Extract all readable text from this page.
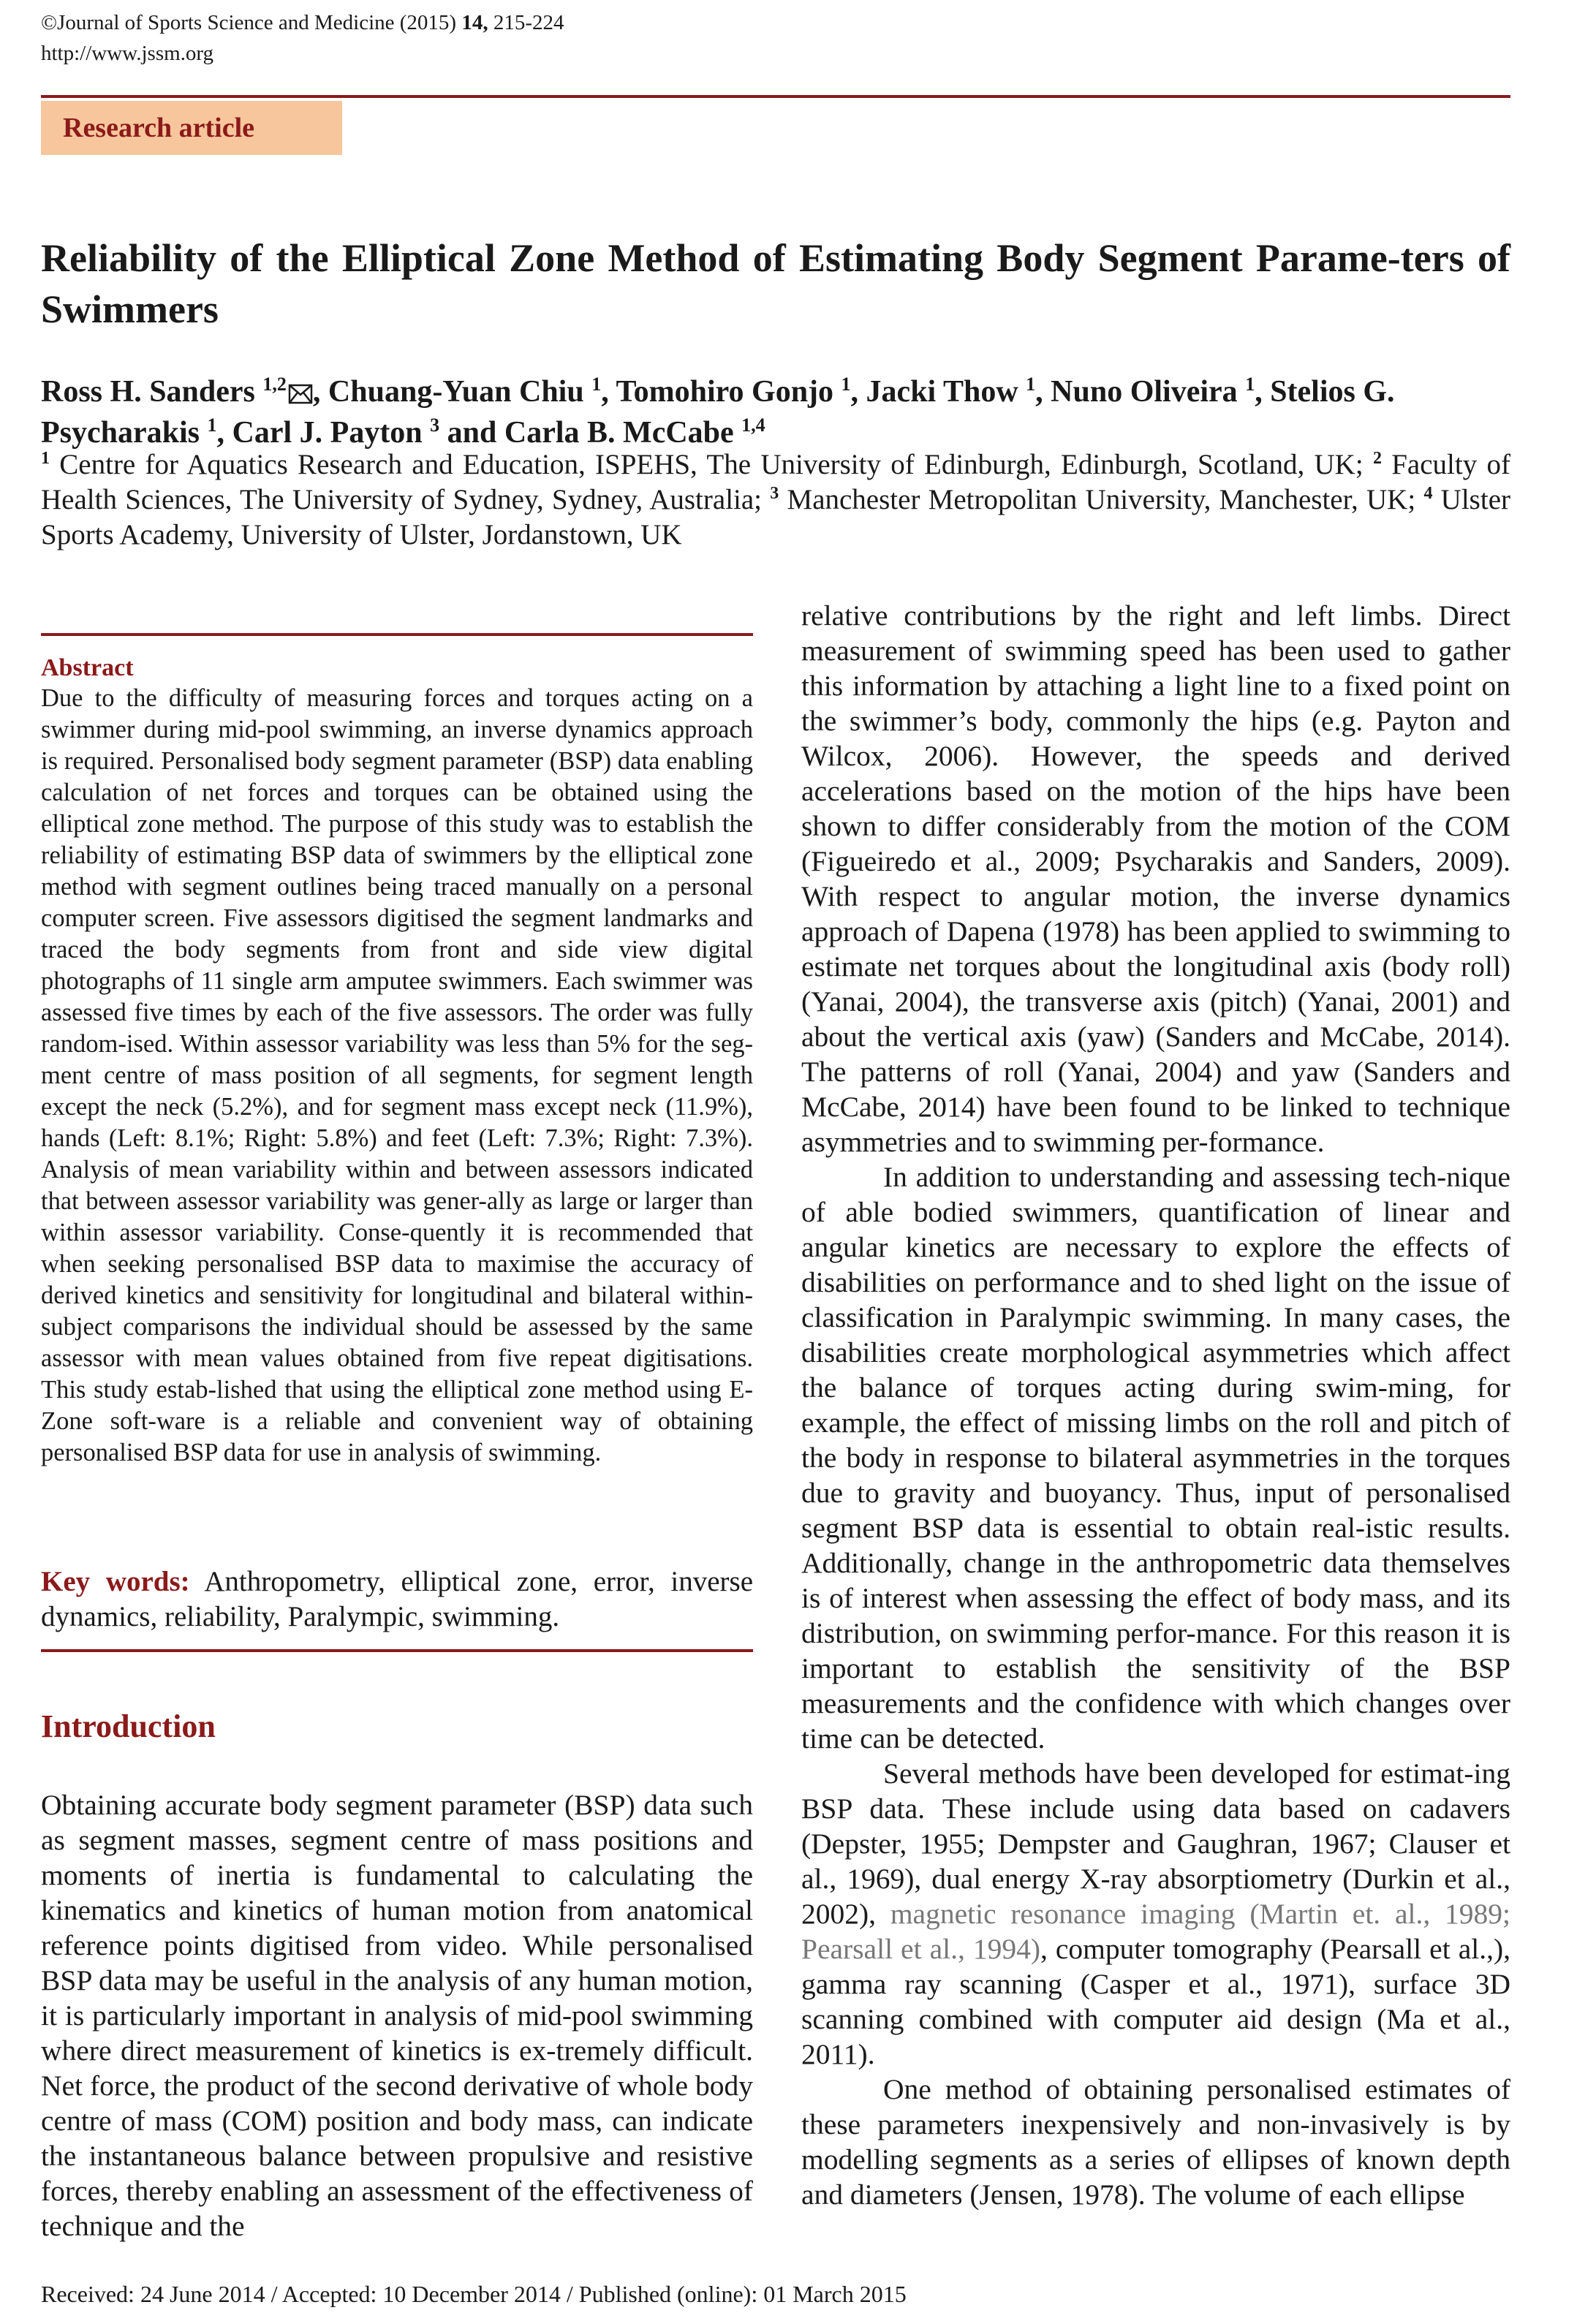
©Journal of Sports Science and Medicine (2015) 14, 215-224
http://www.jssm.org
Research article
Reliability of the Elliptical Zone Method of Estimating Body Segment Parame-ters of Swimmers
Ross H. Sanders $^{1,2}$ , Chuang-Yuan Chiu $^1$, Tomohiro Gonjo $^1$, Jacki Thow $^1$, Nuno Oliveira $^1$, Stelios G. Psycharakis $^1$, Carl J. Payton $^3$ and Carla B. McCabe $^{1,4}$
$^1$ Centre for Aquatics Research and Education, ISPEHS, The University of Edinburgh, Edinburgh, Scotland, UK; $^2$ Faculty of Health Sciences, The University of Sydney, Sydney, Australia; $^3$ Manchester Metropolitan University, Manchester, UK; $^4$ Ulster Sports Academy, University of Ulster, Jordanstown, UK
Abstract
Due to the difficulty of measuring forces and torques acting on a swimmer during mid-pool swimming, an inverse dynamics approach is required. Personalised body segment parameter (BSP) data enabling calculation of net forces and torques can be obtained using the elliptical zone method. The purpose of this study was to establish the reliability of estimating BSP data of swimmers by the elliptical zone method with segment outlines being traced manually on a personal computer screen. Five assessors digitised the segment landmarks and traced the body segments from front and side view digital photographs of 11 single arm amputee swimmers. Each swimmer was assessed five times by each of the five assessors. The order was fully random-ised. Within assessor variability was less than 5% for the seg-ment centre of mass position of all segments, for segment length except the neck (5.2%), and for segment mass except neck (11.9%), hands (Left: 8.1%; Right: 5.8%) and feet (Left: 7.3%; Right: 7.3%). Analysis of mean variability within and between assessors indicated that between assessor variability was gener-ally as large or larger than within assessor variability. Conse-quently it is recommended that when seeking personalised BSP data to maximise the accuracy of derived kinetics and sensitivity for longitudinal and bilateral within-subject comparisons the individual should be assessed by the same assessor with mean values obtained from five repeat digitisations. This study estab-lished that using the elliptical zone method using E-Zone soft-ware is a reliable and convenient way of obtaining personalised BSP data for use in analysis of swimming.
Key words: Anthropometry, elliptical zone, error, inverse dynamics, reliability, Paralympic, swimming.
Introduction

Obtaining accurate body segment parameter (BSP) data such as segment masses, segment centre of mass positions and moments of inertia is fundamental to calculating the kinematics and kinetics of human motion from anatomical reference points digitised from video. While personalised BSP data may be useful in the analysis of any human motion, it is particularly important in analysis of mid-pool swimming where direct measurement of kinetics is ex-tremely difficult. Net force, the product of the second derivative of whole body centre of mass (COM) position and body mass, can indicate the instantaneous balance between propulsive and resistive forces, thereby enabling an assessment of the effectiveness of technique and the

relative contributions by the right and left limbs. Direct measurement of swimming speed has been used to gather this information by attaching a light line to a fixed point on the swimmer’s body, commonly the hips (e.g. Payton and Wilcox, 2006). However, the speeds and derived accelerations based on the motion of the hips have been shown to differ considerably from the motion of the COM (Figueiredo et al., 2009; Psycharakis and Sanders, 2009). With respect to angular motion, the inverse dynamics approach of Dapena (1978) has been applied to swimming to estimate net torques about the longitudinal axis (body roll) (Yanai, 2004), the transverse axis (pitch) (Yanai, 2001) and about the vertical axis (yaw) (Sanders and McCabe, 2014). The patterns of roll (Yanai, 2004) and yaw (Sanders and McCabe, 2014) have been found to be linked to technique asymmetries and to swimming per-formance.

In addition to understanding and assessing tech-nique of able bodied swimmers, quantification of linear and angular kinetics are necessary to explore the effects of disabilities on performance and to shed light on the issue of classification in Paralympic swimming. In many cases, the disabilities create morphological asymmetries which affect the balance of torques acting during swim-ming, for example, the effect of missing limbs on the roll and pitch of the body in response to bilateral asymmetries in the torques due to gravity and buoyancy. Thus, input of personalised segment BSP data is essential to obtain real-istic results. Additionally, change in the anthropometric data themselves is of interest when assessing the effect of body mass, and its distribution, on swimming perfor-mance. For this reason it is important to establish the sensitivity of the BSP measurements and the confidence with which changes over time can be detected.

Several methods have been developed for estimat-ing BSP data. These include using data based on cadavers (Depster, 1955; Dempster and Gaughran, 1967; Clauser et al., 1969), dual energy X-ray absorptiometry (Durkin et al., 2002), magnetic resonance imaging (Martin et. al., 1989; Pearsall et al., 1994), computer tomography (Pearsall et al.,), gamma ray scanning (Casper et al., 1971), surface 3D scanning combined with computer aid design (Ma et al., 2011).

One method of obtaining personalised estimates of these parameters inexpensively and non-invasively is by modelling segments as a series of ellipses of known depth and diameters (Jensen, 1978). The volume of each ellipse

Received: 24 June 2014 / Accepted: 10 December 2014 / Published (online): 01 March 2015
